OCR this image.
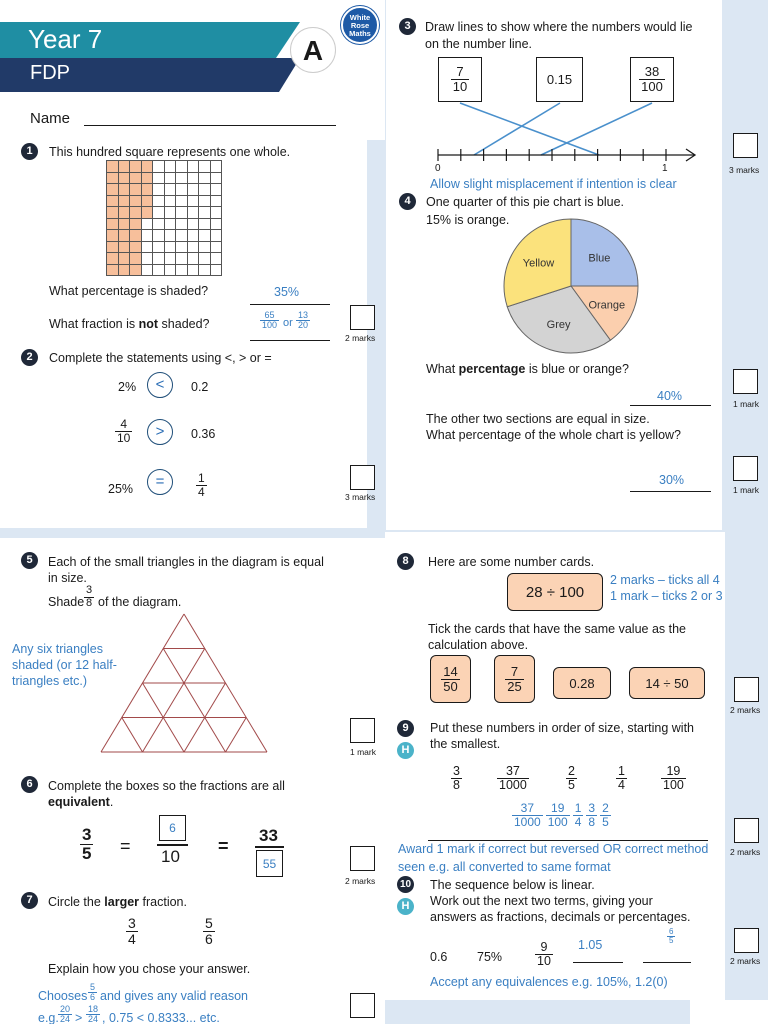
Year 7
FDP
A
White
Rose
Maths
Name
1	This hundred square represents one whole.
What percentage is shaded?	35%
What fraction is not shaded?	$\frac{65}{100}$ or $\frac{13}{20}$
2 marks
2	Complete the statements using <, > or =
2%	<	0.2
$\frac{4}{10}$	>	0.36
25%	=	$\frac{1}{4}$	3 marks
3	Draw lines to show where the numbers would lie
on the number line.
$\frac{7}{10}$	0.15	$\frac{38}{100}$
0	1
Allow slight misplacement if intention is clear
3 marks
4	One quarter of this pie chart is blue.
15% is orange.
Blue
Orange
Grey
Yellow
What percentage is blue or orange?
40%
1 mark
The other two sections are equal in size.
What percentage of the whole chart is yellow?
30%
1 mark
5	Each of the small triangles in the diagram is equal
in size.
Shade $\frac{3}{8}$ of the diagram.
Any six triangles
shaded (or 12 half-
triangles etc.)
1 mark
6	Complete the boxes so the fractions are all
equivalent.
$\frac{3}{5}$ =
6
10
=
33
55
2 marks
7	Circle the larger fraction.
$\frac{3}{4}$	$\frac{5}{6}$
Explain how you chose your answer.
Chooses $\frac{5}{6}$ and gives any valid reason
e.g. $\frac{20}{24} > \frac{18}{24}$ , 0.75 < 0.8333... etc.
8	Here are some number cards.
28 ÷ 100
2 marks – ticks all 4
1 mark – ticks 2 or 3
Tick the cards that have the same value as the
calculation above.
$\frac{14}{50}$	$\frac{7}{25}$	0.28	14 ÷ 50
2 marks
9
H
Put these numbers in order of size, starting with
the smallest.
$\frac{3}{8}$	$\frac{37}{1000}$	$\frac{2}{5}$	$\frac{1}{4}$	$\frac{19}{100}$
$\frac{37}{1000} \frac{19}{100} \frac{1}{4} \frac{3}{8} \frac{2}{5}$
Award 1 mark if correct but reversed OR correct method
seen e.g. all converted to same format
2 marks
10
H
The sequence below is linear.
Work out the next two terms, giving your
answers as fractions, decimals or percentages.
0.6 75%	$\frac{9}{10} 1.05$	$\frac{6}{5}$
Accept any equivalences e.g. 105%, 1.2(0)
2 marks
